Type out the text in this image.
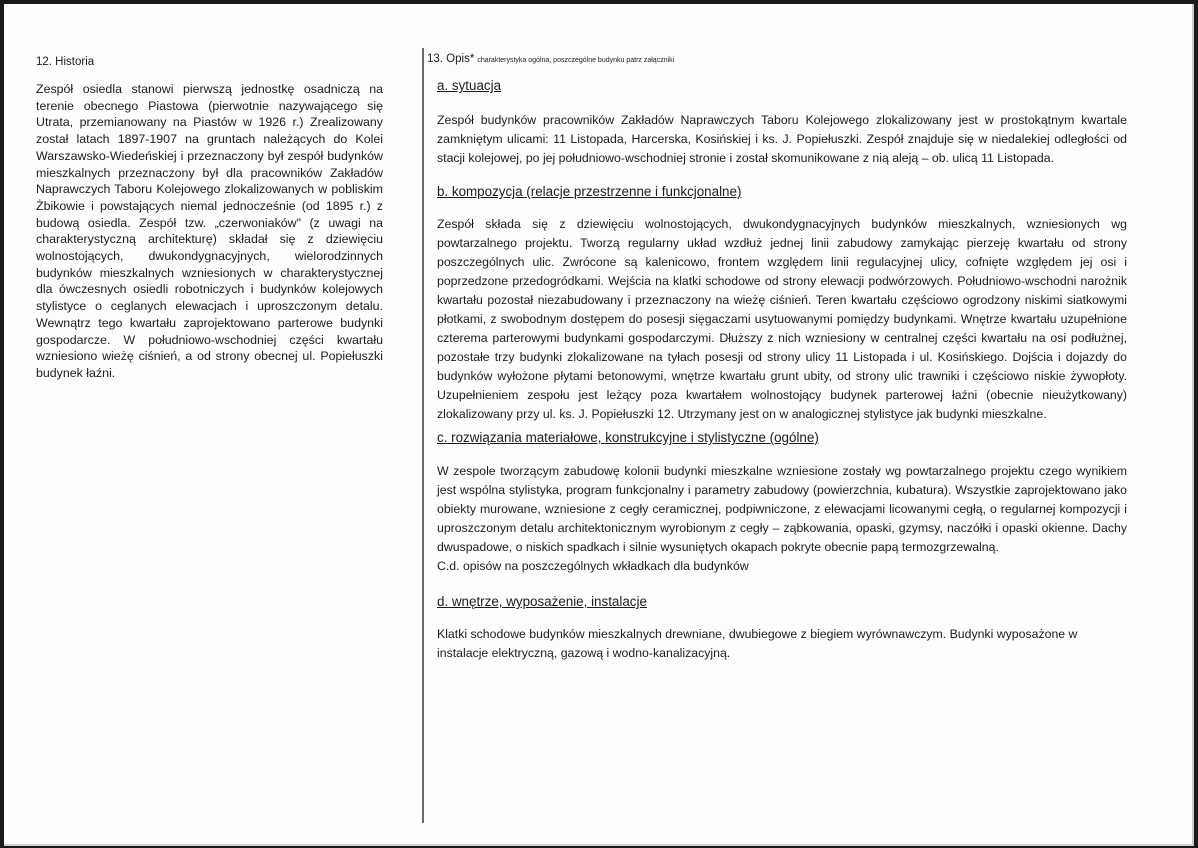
12. Historia

Zespół osiedla stanowi pierwszą jednostkę osadniczą na terenie obecnego Piastowa (pierwotnie nazywającego się Utrata, przemianowany na Piastów w 1926 r.) Zrealizowany został latach 1897-1907 na gruntach należących do Kolei Warszawsko-Wiedeńskiej i przeznaczony był zespół budynków mieszkalnych przeznaczony był dla pracowników Zakładów Naprawczych Taboru Kolejowego zlokalizowanych w pobliskim Żbikowie i powstających niemal jednocześnie (od 1895 r.) z budową osiedla. Zespół tzw. „czerwoniaków" (z uwagi na charakterystyczną architekturę) składał się z dziewięciu wolnostojących, dwukondygnacyjnych, wielorodzinnych budynków mieszkalnych wzniesionych w charakterystycznej dla ówczesnych osiedli robotniczych i budynków kolejowych stylistyce o ceglanych elewacjach i uproszczonym detalu. Wewnątrz tego kwartału zaprojektowano parterowe budynki gospodarcze. W południowo-wschodniej części kwartału wzniesiono wieżę ciśnień, a od strony obecnej ul. Popiełuszki budynek łaźni.
13. Opis* charakterystyka ogólna, poszczególne budynku patrz załączniki

a. sytuacja

Zespół budynków pracowników Zakładów Naprawczych Taboru Kolejowego zlokalizowany jest w prostokątnym kwartale zamkniętym ulicami: 11 Listopada, Harcerska, Kosińskiej i ks. J. Popiełuszki. Zespół znajduje się w niedalekiej odległości od stacji kolejowej, po jej południowo-wschodniej stronie i został skomunikowane z nią aleją – ob. ulicą 11 Listopada.

b. kompozycja (relacje przestrzenne i funkcjonalne)

Zespół składa się z dziewięciu wolnostojących, dwukondygnacyjnych budynków mieszkalnych, wzniesionych wg powtarzalnego projektu. Tworzą regularny układ wzdłuż jednej linii zabudowy zamykając pierzeję kwartału od strony poszczególnych ulic. Zwrócone są kalenicowo, frontem względem linii regulacyjnej ulicy, cofnięte względem jej osi i poprzedzone przedogródkami. Wejścia na klatki schodowe od strony elewacji podwórzowych. Południowo-wschodni narożnik kwartału pozostał niezabudowany i przeznaczony na wieżę ciśnień. Teren kwartału częściowo ogrodzony niskimi siatkowymi płotkami, z swobodnym dostępem do posesji sięgaczami usytuowanymi pomiędzy budynkami. Wnętrze kwartału uzupełnione czterema parterowymi budynkami gospodarczymi. Dłuższy z nich wzniesiony w centralnej części kwartału na osi podłużnej, pozostałe trzy budynki zlokalizowane na tyłach posesji od strony ulicy 11 Listopada i ul. Kosińskiego. Dojścia i dojazdy do budynków wyłożone płytami betonowymi, wnętrze kwartału grunt ubity, od strony ulic trawniki i częściowo niskie żywopłoty. Uzupełnieniem zespołu jest leżący poza kwartałem wolnostojący budynek parterowej łaźni (obecnie nieużytkowany) zlokalizowany przy ul. ks. J. Popiełuszki 12. Utrzymany jest on w analogicznej stylistyce jak budynki mieszkalne.

c. rozwiązania materiałowe, konstrukcyjne i stylistyczne (ogólne)

W zespole tworzącym zabudowę kolonii budynki mieszkalne wzniesione zostały wg powtarzalnego projektu czego wynikiem jest wspólna stylistyka, program funkcjonalny i parametry zabudowy (powierzchnia, kubatura). Wszystkie zaprojektowano jako obiekty murowane, wzniesione z cegły ceramicznej, podpiwniczone, z elewacjami licowanymi cegłą, o regularnej kompozycji i uproszczonym detalu architektonicznym wyrobionym z cegły – ząbkowania, opaski, gzymsy, naczółki i opaski okienne. Dachy dwuspadowe, o niskich spadkach i silnie wysuniętych okapach pokryte obecnie papą termozgrzewalną.

C.d. opisów na poszczególnych wkładkach dla budynków

d. wnętrze, wyposażenie, instalacje

Klatki schodowe budynków mieszkalnych drewniane, dwubiegowe z biegiem wyrównawczym. Budynki wyposażone w instalacje elektryczną, gazową i wodno-kanalizacyjną.
